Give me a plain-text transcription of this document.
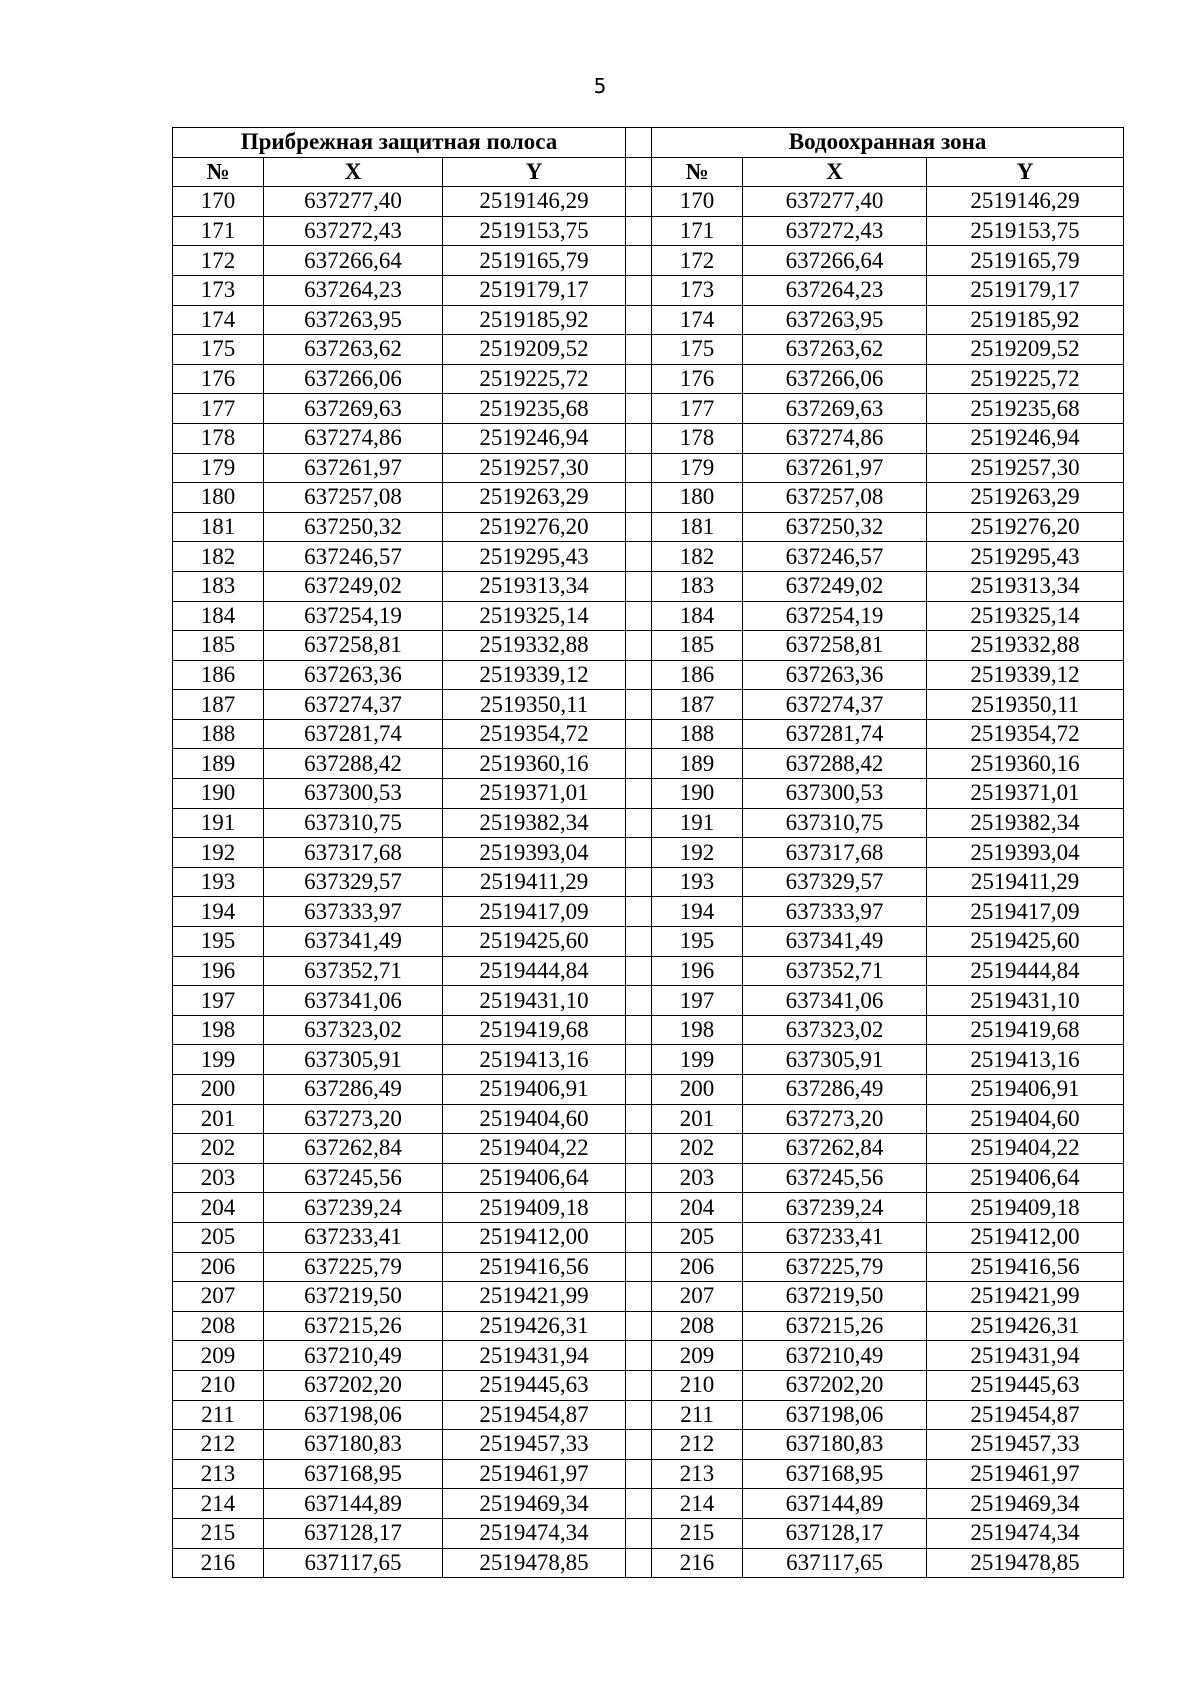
5
Прибрежная защитная полоса				Водоохранная зона		
№	X	Y		№	X	Y
170	637277,40	2519146,29		170	637277,40	2519146,29
171	637272,43	2519153,75		171	637272,43	2519153,75
172	637266,64	2519165,79		172	637266,64	2519165,79
173	637264,23	2519179,17		173	637264,23	2519179,17
174	637263,95	2519185,92		174	637263,95	2519185,92
175	637263,62	2519209,52		175	637263,62	2519209,52
176	637266,06	2519225,72		176	637266,06	2519225,72
177	637269,63	2519235,68		177	637269,63	2519235,68
178	637274,86	2519246,94		178	637274,86	2519246,94
179	637261,97	2519257,30		179	637261,97	2519257,30
180	637257,08	2519263,29		180	637257,08	2519263,29
181	637250,32	2519276,20		181	637250,32	2519276,20
182	637246,57	2519295,43		182	637246,57	2519295,43
183	637249,02	2519313,34		183	637249,02	2519313,34
184	637254,19	2519325,14		184	637254,19	2519325,14
185	637258,81	2519332,88		185	637258,81	2519332,88
186	637263,36	2519339,12		186	637263,36	2519339,12
187	637274,37	2519350,11		187	637274,37	2519350,11
188	637281,74	2519354,72		188	637281,74	2519354,72
189	637288,42	2519360,16		189	637288,42	2519360,16
190	637300,53	2519371,01		190	637300,53	2519371,01
191	637310,75	2519382,34		191	637310,75	2519382,34
192	637317,68	2519393,04		192	637317,68	2519393,04
193	637329,57	2519411,29		193	637329,57	2519411,29
194	637333,97	2519417,09		194	637333,97	2519417,09
195	637341,49	2519425,60		195	637341,49	2519425,60
196	637352,71	2519444,84		196	637352,71	2519444,84
197	637341,06	2519431,10		197	637341,06	2519431,10
198	637323,02	2519419,68		198	637323,02	2519419,68
199	637305,91	2519413,16		199	637305,91	2519413,16
200	637286,49	2519406,91		200	637286,49	2519406,91
201	637273,20	2519404,60		201	637273,20	2519404,60
202	637262,84	2519404,22		202	637262,84	2519404,22
203	637245,56	2519406,64		203	637245,56	2519406,64
204	637239,24	2519409,18		204	637239,24	2519409,18
205	637233,41	2519412,00		205	637233,41	2519412,00
206	637225,79	2519416,56		206	637225,79	2519416,56
207	637219,50	2519421,99		207	637219,50	2519421,99
208	637215,26	2519426,31		208	637215,26	2519426,31
209	637210,49	2519431,94		209	637210,49	2519431,94
210	637202,20	2519445,63		210	637202,20	2519445,63
211	637198,06	2519454,87		211	637198,06	2519454,87
212	637180,83	2519457,33		212	637180,83	2519457,33
213	637168,95	2519461,97		213	637168,95	2519461,97
214	637144,89	2519469,34		214	637144,89	2519469,34
215	637128,17	2519474,34		215	637128,17	2519474,34
216	637117,65	2519478,85		216	637117,65	2519478,85
